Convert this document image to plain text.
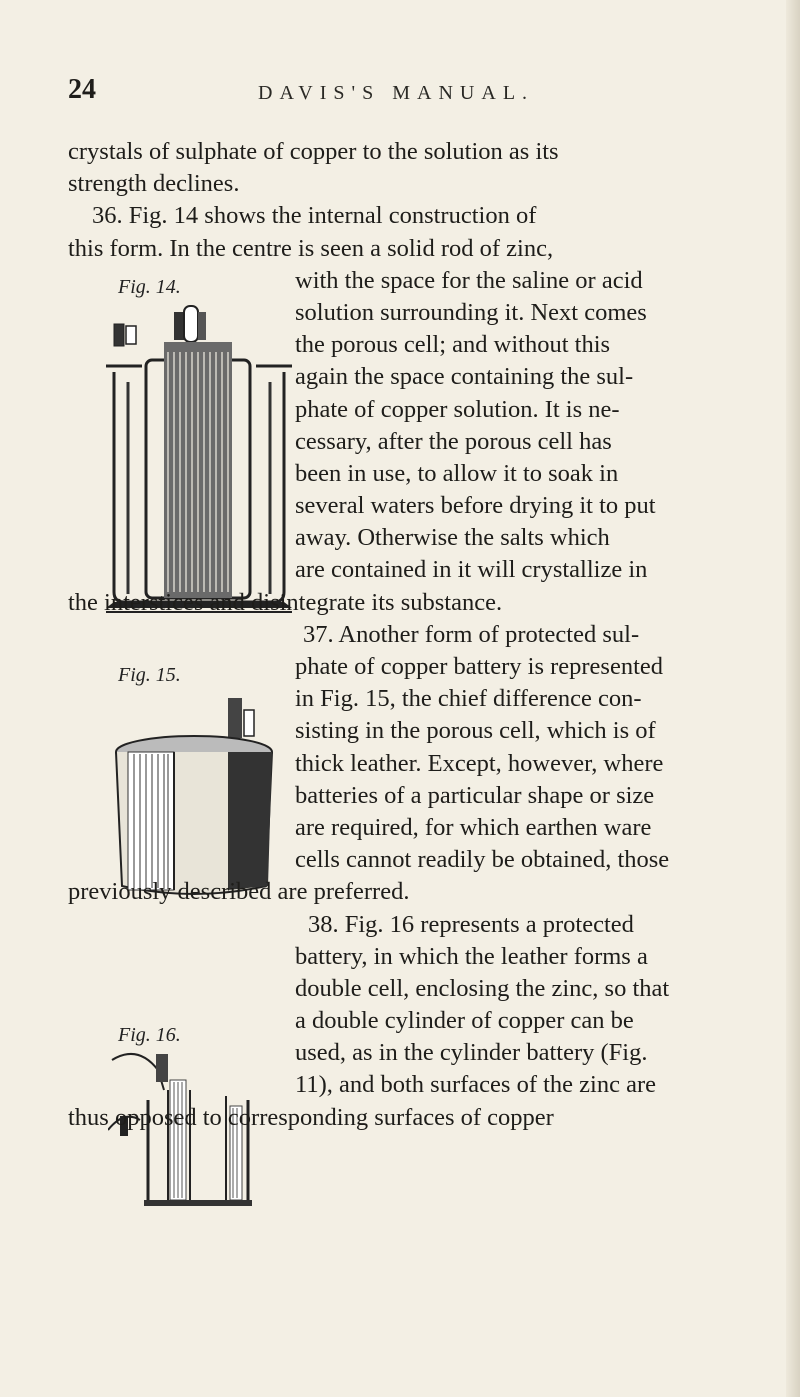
24	DAVIS'S MANUAL.
Fig. 14.
Fig. 15.
Fig. 16.
crystals of sulphate of copper to the solution as its
strength declines.
36. Fig. 14 shows the internal construction of
this form. In the centre is seen a solid rod of zinc,
with the space for the saline or acid
solution surrounding it. Next comes
the porous cell; and without this
again the space containing the sul-
phate of copper solution. It is ne-
cessary, after the porous cell has
been in use, to allow it to soak in
several waters before drying it to put
away. Otherwise the salts which
are contained in it will crystallize in
the interstices and disintegrate its substance.
37. Another form of protected sul-
phate of copper battery is represented
in Fig. 15, the chief difference con-
sisting in the porous cell, which is of
thick leather. Except, however, where
batteries of a particular shape or size
are required, for which earthen ware
cells cannot readily be obtained, those
previously described are preferred.
38. Fig. 16 represents a protected
battery, in which the leather forms a
double cell, enclosing the zinc, so that
a double cylinder of copper can be
used, as in the cylinder battery (Fig.
11), and both surfaces of the zinc are
thus opposed to corresponding surfaces of copper
